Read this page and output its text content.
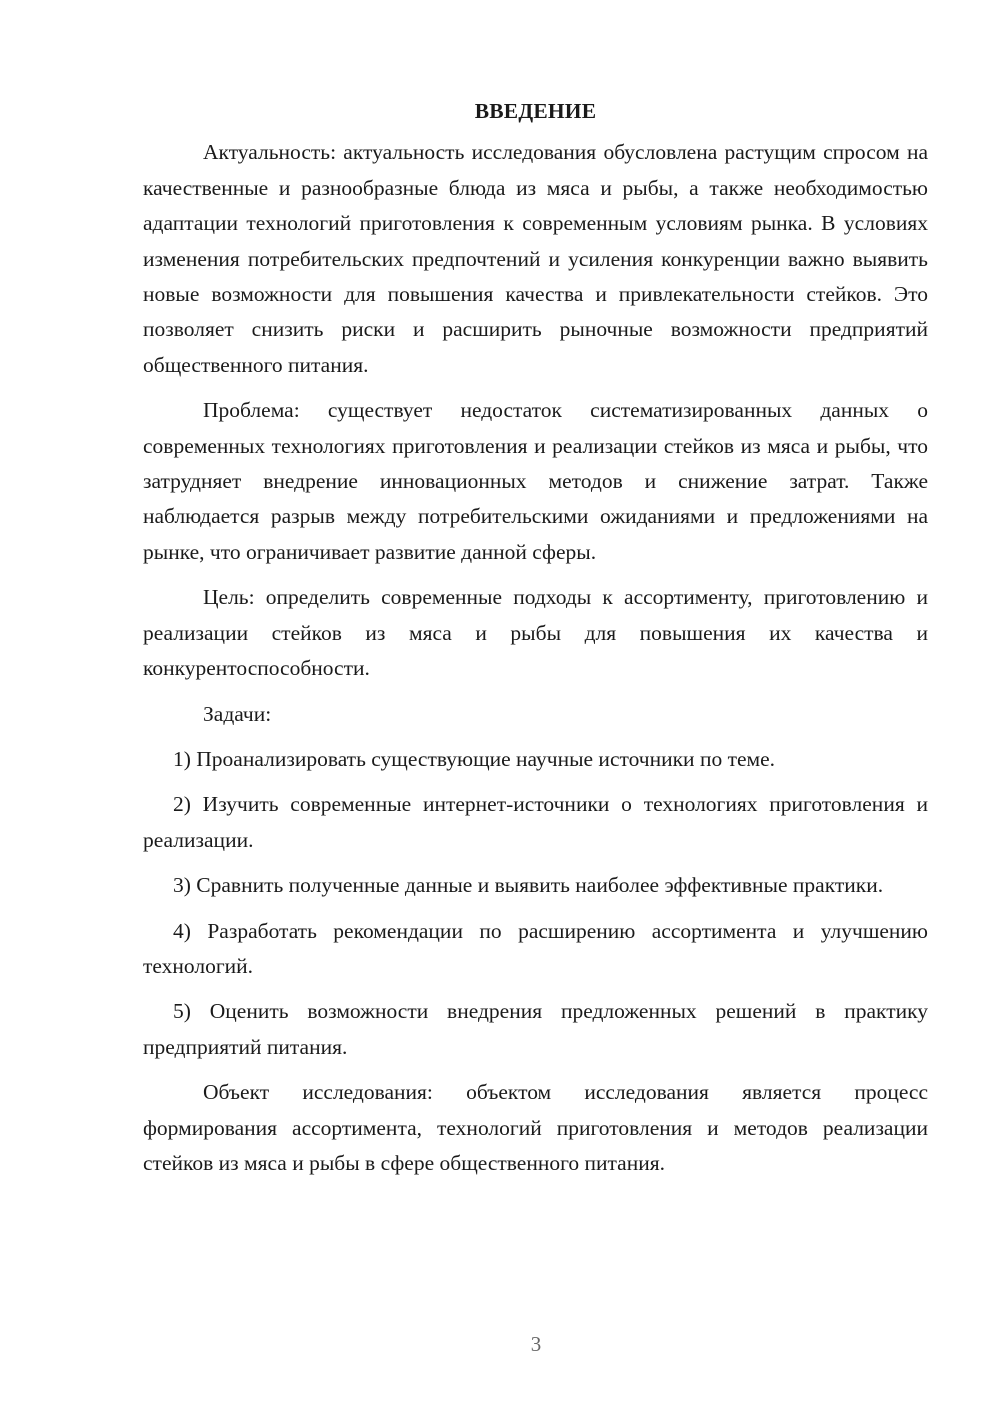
ВВЕДЕНИЕ

Актуальность: актуальность исследования обусловлена растущим спросом на качественные и разнообразные блюда из мяса и рыбы, а также необходимостью адаптации технологий приготовления к современным условиям рынка. В условиях изменения потребительских предпочтений и усиления конкуренции важно выявить новые возможности для повышения качества и привлекательности стейков. Это позволяет снизить риски и расширить рыночные возможности предприятий общественного питания.

Проблема: существует недостаток систематизированных данных о современных технологиях приготовления и реализации стейков из мяса и рыбы, что затрудняет внедрение инновационных методов и снижение затрат. Также наблюдается разрыв между потребительскими ожиданиями и предложениями на рынке, что ограничивает развитие данной сферы.

Цель: определить современные подходы к ассортименту, приготовлению и реализации стейков из мяса и рыбы для повышения их качества и конкурентоспособности.

Задачи:

1) Проанализировать существующие научные источники по теме.

2) Изучить современные интернет-источники о технологиях приготовления и реализации.

3) Сравнить полученные данные и выявить наиболее эффективные практики.

4) Разработать рекомендации по расширению ассортимента и улучшению технологий.

5) Оценить возможности внедрения предложенных решений в практику предприятий питания.

Объект исследования: объектом исследования является процесс формирования ассортимента, технологий приготовления и методов реализации стейков из мяса и рыбы в сфере общественного питания.

3
